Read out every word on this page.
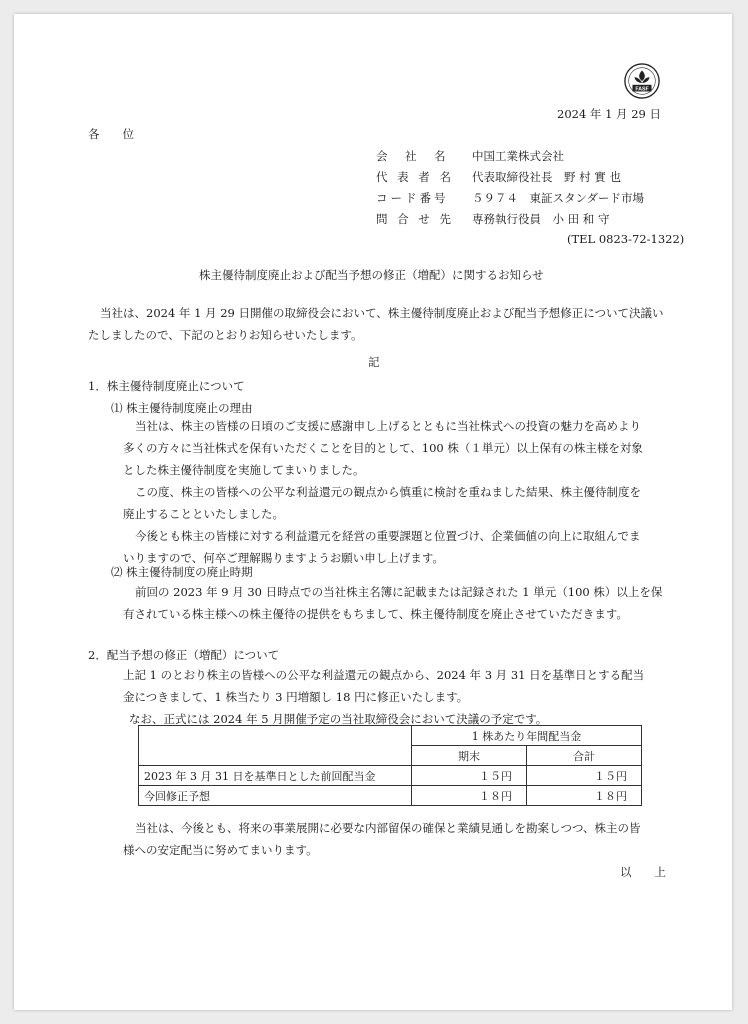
FASF
2024 年 1 月 29 日
各　　位
会　社　名 中国工業株式会社
代 表 者 名 代表取締役社長　野 村 實 也
コード番号 ５９７４　東証スタンダード市場
問 合 せ 先 専務執行役員　小 田 和 守
(TEL 0823-72-1322)
株主優待制度廃止および配当予想の修正（増配）に関するお知らせ
当社は、2024 年 1 月 29 日開催の取締役会において、株主優待制度廃止および配当予想修正について決議い
たしましたので、下記のとおりお知らせいたします。
記
1．株主優待制度廃止について
⑴ 株主優待制度廃止の理由
当社は、株主の皆様の日頃のご支援に感謝申し上げるとともに当社株式への投資の魅力を高めより
多くの方々に当社株式を保有いただくことを目的として、100 株（１単元）以上保有の株主様を対象
とした株主優待制度を実施してまいりました。
この度、株主の皆様への公平な利益還元の観点から慎重に検討を重ねました結果、株主優待制度を
廃止することといたしました。
今後とも株主の皆様に対する利益還元を経営の重要課題と位置づけ、企業価値の向上に取組んでま
いりますので、何卒ご理解賜りますようお願い申し上げます。
⑵ 株主優待制度の廃止時期
前回の 2023 年 9 月 30 日時点での当社株主名簿に記載または記録された 1 単元（100 株）以上を保
有されている株主様への株主優待の提供をもちまして、株主優待制度を廃止させていただきます。
2．配当予想の修正（増配）について
上記 1 のとおり株主の皆様への公平な利益還元の観点から、2024 年 3 月 31 日を基準日とする配当
金につきまして、1 株当たり 3 円増額し 18 円に修正いたします。
なお、正式には 2024 年 5 月開催予定の当社取締役会において決議の予定です。
	1 株あたり年間配当金	
	期末	合計
2023 年 3 月 31 日を基準日とした前回配当金	１５円	１５円
今回修正予想	１８円	１８円
当社は、今後とも、将来の事業展開に必要な内部留保の確保と業績見通しを勘案しつつ、株主の皆
様への安定配当に努めてまいります。
以　　上
